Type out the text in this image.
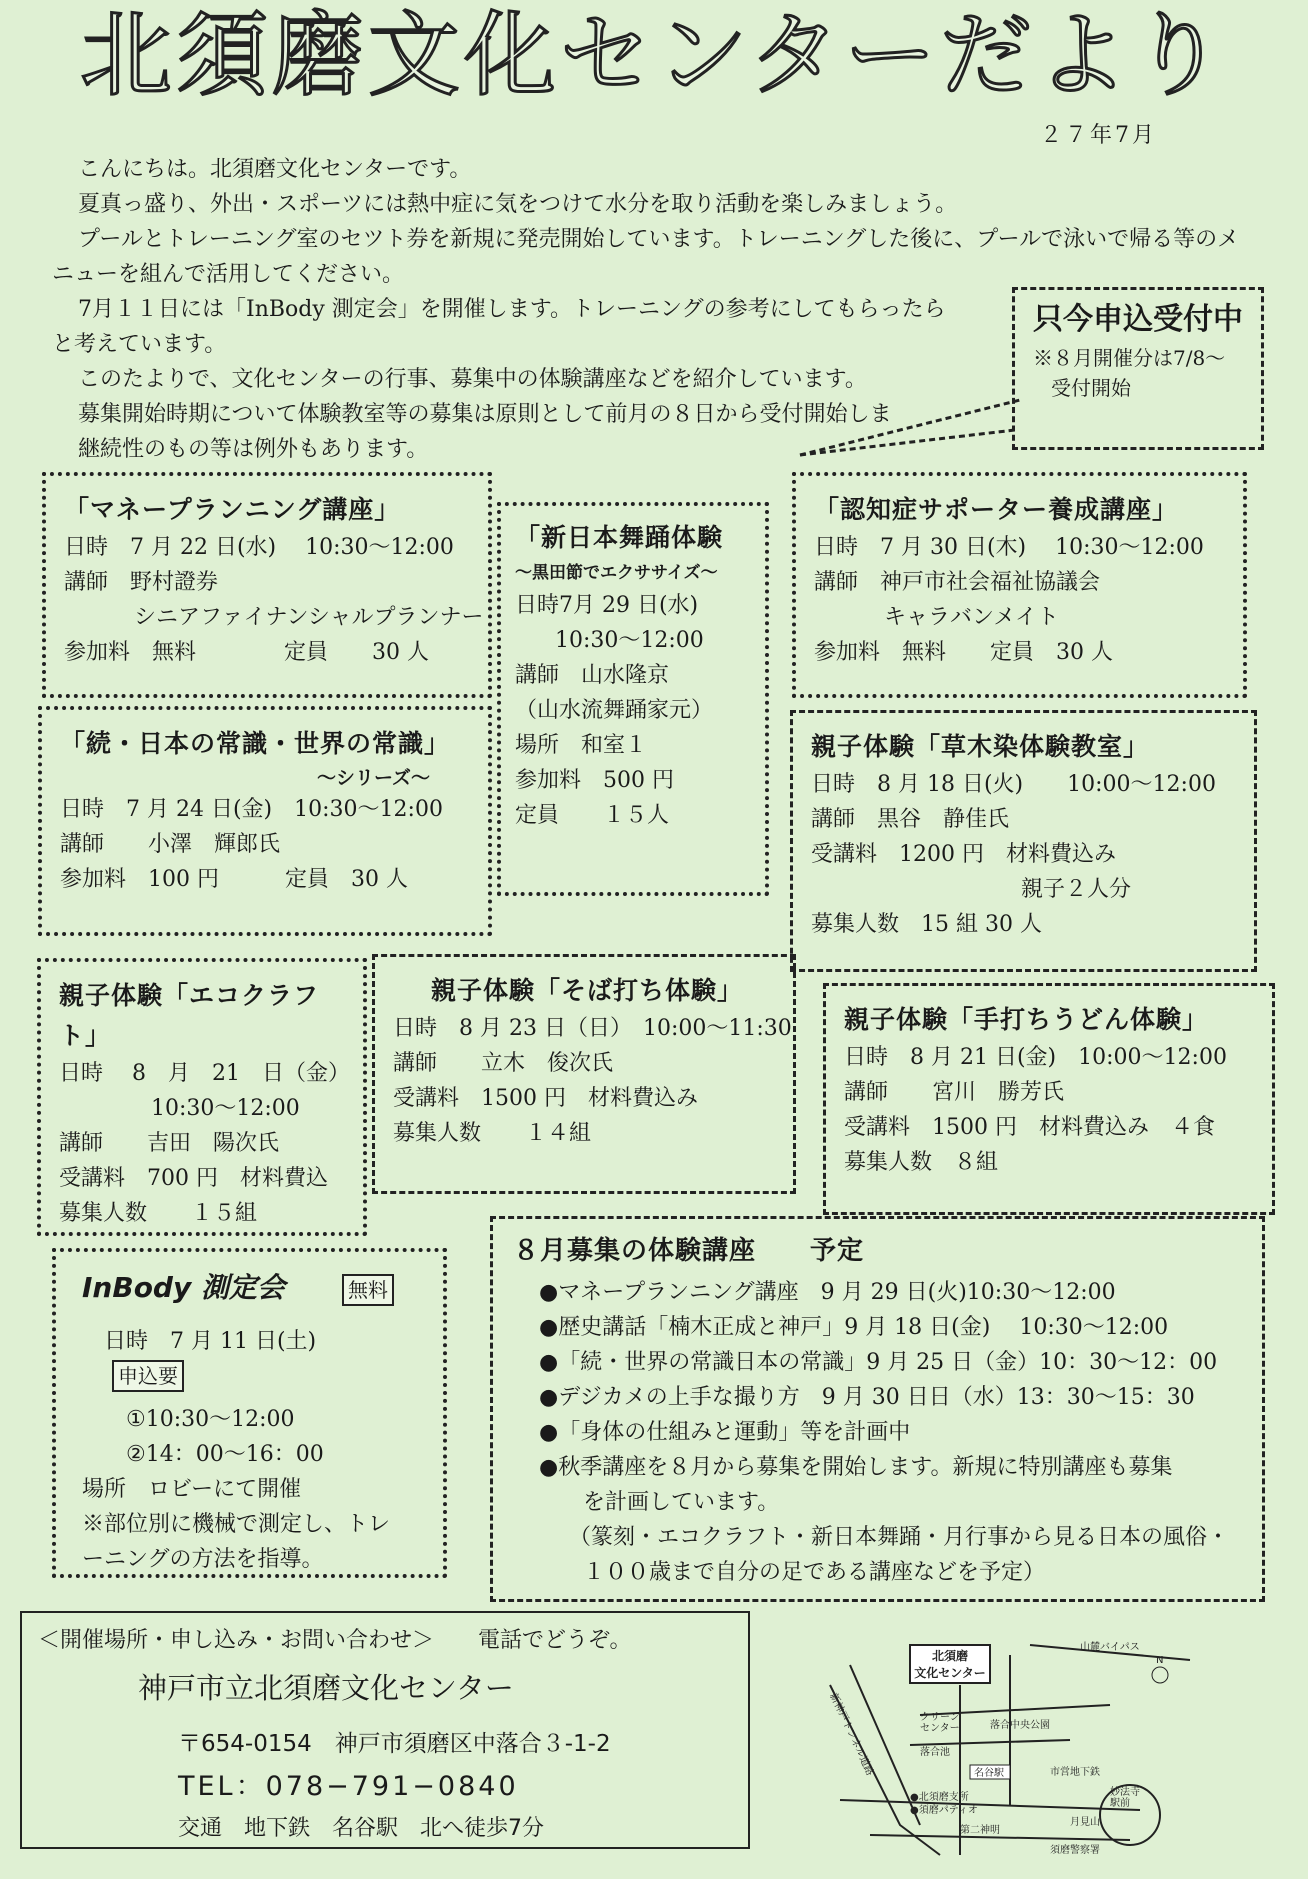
北須磨文化センターだより
２７年7月

こんにちは。北須磨文化センターです。

夏真っ盛り、外出・スポーツには熱中症に気をつけて水分を取り活動を楽しみましょう。

プールとトレーニング室のセツト券を新規に発売開始しています。トレーニングした後に、プールで泳いで帰る等のメ

ニューを組んで活用してください。

7月１１日には「InBody 測定会」を開催します。トレーニングの参考にしてもらったら

と考えています。

このたよりで、文化センターの行事、募集中の体験講座などを紹介しています。

募集開始時期について体験教室等の募集は原則として前月の８日から受付開始しま

継続性のもの等は例外もあります。

只今申込受付中
※８月開催分は7/8～
受付開始
「マネープランニング講座」
日時　7 月 22 日(水)　 10:30～12:00
講師　野村證券
シニアファイナンシャルプランナー
参加料　無料　　　　定員　　30 人
「新日本舞踊体験
～黒田節でエクササイズ～
日時7月 29 日(水)
10:30～12:00
講師　山水隆京
（山水流舞踊家元）
場所　和室１
参加料　500 円
定員　　１５人
「認知症サポーター養成講座」
日時　7 月 30 日(木)　 10:30～12:00
講師　神戸市社会福祉協議会
キャラバンメイト
参加料　無料　　定員　30 人
「続・日本の常識・世界の常識」
～シリーズ～
日時　7 月 24 日(金)　10:30～12:00
講師　　小澤　輝郎氏
参加料　100 円　　　定員　30 人
親子体験「草木染体験教室」
日時　8 月 18 日(火)　　10:00～12:00
講師　黒谷　静佳氏
受講料　1200 円　材料費込み
親子２人分
募集人数　15 組 30 人
親子体験「エコクラフト」
日時　 8　月　21　日（金）
10:30～12:00
講師　　吉田　陽次氏
受講料　700 円　材料費込
募集人数　　１５組
親子体験「そば打ち体験」
日時　8 月 23 日（日）　10:00～11:30
講師　　立木　俊次氏
受講料　1500 円　材料費込み
募集人数　　１４組
親子体験「手打ちうどん体験」
日時　8 月 21 日(金)　10:00～12:00
講師　　宮川　勝芳氏
受講料　1500 円　材料費込み　４食
募集人数　８組
InBody 測定会	無料
日時　7 月 11 日(土) 申込要
①10:30～12:00
②14：00～16：00
場所　ロビーにて開催
※部位別に機械で測定し、トレ
ーニングの方法を指導。
８月募集の体験講座　　予定
●マネープランニング講座　9 月 29 日(火)10:30～12:00
●歴史講話「楠木正成と神戸」9 月 18 日(金)　 10:30～12:00
●「続・世界の常識日本の常識」9 月 25 日（金）10：30～12：00
●デジカメの上手な撮り方　9 月 30 日日（水）13：30～15：30
●「身体の仕組みと運動」等を計画中
●秋季講座を８月から募集を開始します。新規に特別講座も募集
を計画しています。
（篆刻・エコクラフト・新日本舞踊・月行事から見る日本の風俗・
１００歳まで自分の足である講座などを予定）
＜開催場所・申し込み・お問い合わせ＞　　電話でどうぞ。
神戸市立北須磨文化センター
〒654-0154　神戸市須磨区中落合３-1-2
TEL：078−791−0840
交通　地下鉄　名谷駅　北へ徒歩7分
北須磨
文化センター
山麓バイパス
N
新神戸トンネル道路	クリーン
センター	落合中央公園
落合池
名谷駅	市営地下鉄
●北須磨支所
●須磨パティオ
妙法寺
駅前
月見山
第二神明
須磨警察署
